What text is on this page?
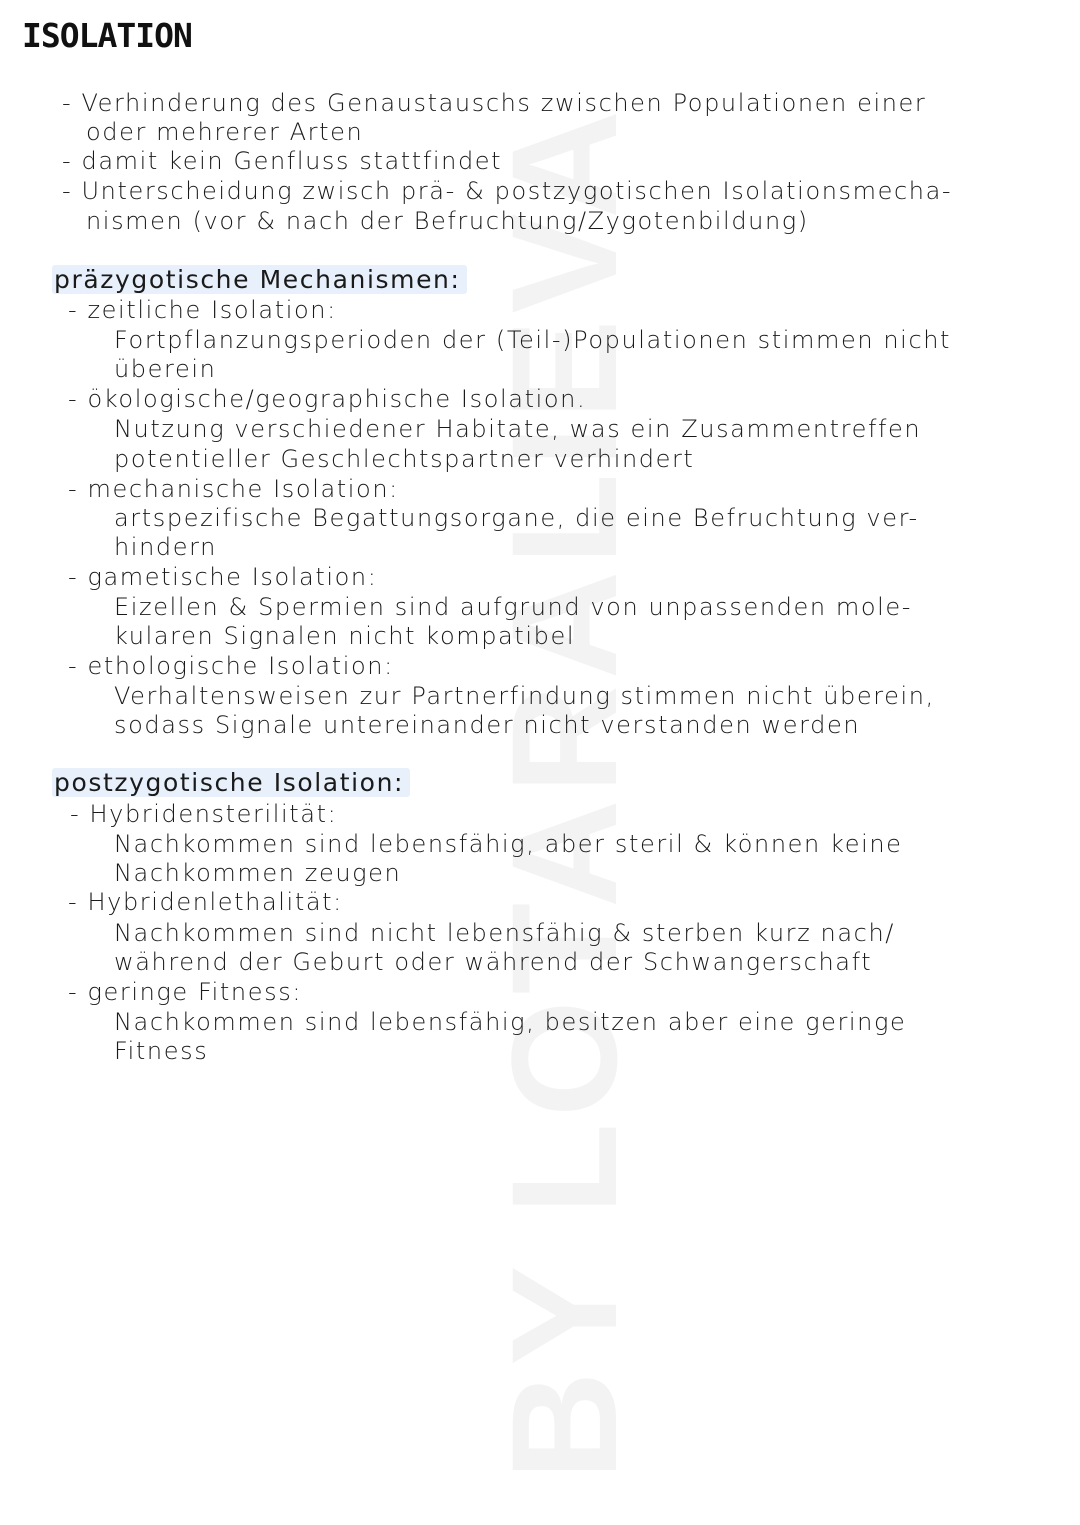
BY LOTARALIEVA
ISOLATION
- Verhinderung des Genaustauschs zwischen Populationen einer
oder mehrerer Arten
- damit kein Genfluss stattfindet
- Unterscheidung zwisch prä- & postzygotischen Isolationsmecha-
nismen (vor & nach der Befruchtung/Zygotenbildung)
präzygotische Mechanismen:
- zeitliche Isolation:
Fortpflanzungsperioden der (Teil-)Populationen stimmen nicht
überein
- ökologische/geographische Isolation.
Nutzung verschiedener Habitate, was ein Zusammentreffen
potentieller Geschlechtspartner verhindert
- mechanische Isolation:
artspezifische Begattungsorgane, die eine Befruchtung ver-
hindern
- gametische Isolation:
Eizellen & Spermien sind aufgrund von unpassenden mole-
kularen Signalen nicht kompatibel
- ethologische Isolation:
Verhaltensweisen zur Partnerfindung stimmen nicht überein,
sodass Signale untereinander nicht verstanden werden
postzygotische Isolation:
- Hybridensterilität:
Nachkommen sind lebensfähig, aber steril & können keine
Nachkommen zeugen
- Hybridenlethalität:
Nachkommen sind nicht lebensfähig & sterben kurz nach/
während der Geburt oder während der Schwangerschaft
- geringe Fitness:
Nachkommen sind lebensfähig, besitzen aber eine geringe
Fitness
